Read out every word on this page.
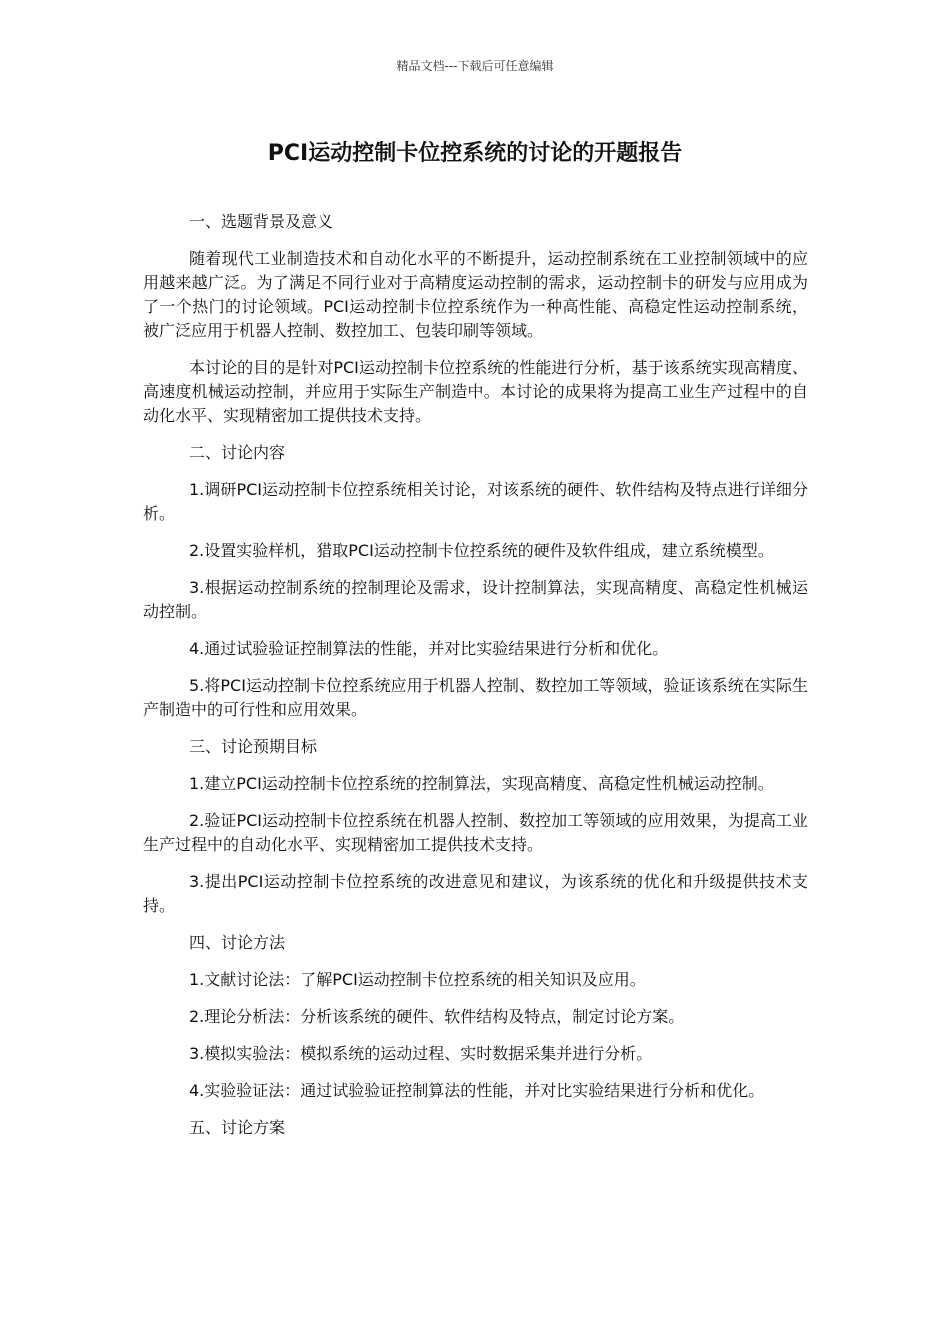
精品文档---下载后可任意编辑
PCI运动控制卡位控系统的讨论的开题报告

一、选题背景及意义

随着现代工业制造技术和自动化水平的不断提升，运动控制系统在工业控制领域中的应用越来越广泛。为了满足不同行业对于高精度运动控制的需求，运动控制卡的研发与应用成为了一个热门的讨论领域。PCI运动控制卡位控系统作为一种高性能、高稳定性运动控制系统，被广泛应用于机器人控制、数控加工、包装印刷等领域。

本讨论的目的是针对PCI运动控制卡位控系统的性能进行分析，基于该系统实现高精度、高速度机械运动控制，并应用于实际生产制造中。本讨论的成果将为提高工业生产过程中的自动化水平、实现精密加工提供技术支持。

二、讨论内容

1.调研PCI运动控制卡位控系统相关讨论，对该系统的硬件、软件结构及特点进行详细分析。

2.设置实验样机，猎取PCI运动控制卡位控系统的硬件及软件组成，建立系统模型。

3.根据运动控制系统的控制理论及需求，设计控制算法，实现高精度、高稳定性机械运动控制。

4.通过试验验证控制算法的性能，并对比实验结果进行分析和优化。

5.将PCI运动控制卡位控系统应用于机器人控制、数控加工等领域，验证该系统在实际生产制造中的可行性和应用效果。

三、讨论预期目标

1.建立PCI运动控制卡位控系统的控制算法，实现高精度、高稳定性机械运动控制。

2.验证PCI运动控制卡位控系统在机器人控制、数控加工等领域的应用效果，为提高工业生产过程中的自动化水平、实现精密加工提供技术支持。

3.提出PCI运动控制卡位控系统的改进意见和建议，为该系统的优化和升级提供技术支持。

四、讨论方法

1.文献讨论法：了解PCI运动控制卡位控系统的相关知识及应用。

2.理论分析法：分析该系统的硬件、软件结构及特点，制定讨论方案。

3.模拟实验法：模拟系统的运动过程、实时数据采集并进行分析。

4.实验验证法：通过试验验证控制算法的性能，并对比实验结果进行分析和优化。

五、讨论方案
